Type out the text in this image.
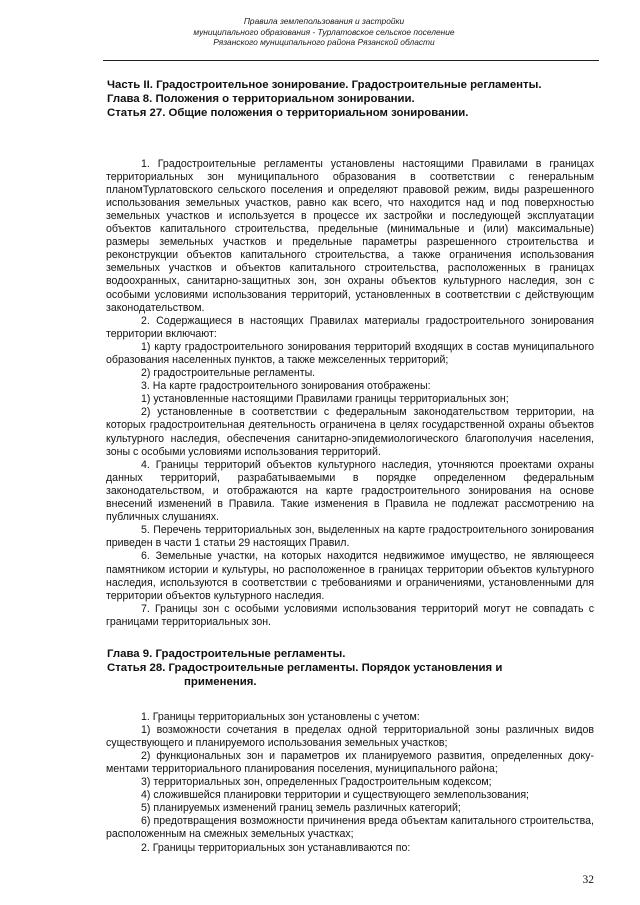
Правила землепользования и застройки
муниципального образования - Турлатовское сельское поселение
Рязанского муниципального района Рязанской области
Часть II. Градостроительное зонирование. Градостроительные регламенты.
Глава 8. Положения о территориальном зонировании.
Статья 27. Общие положения о территориальном зонировании.

1. Градостроительные регламенты установлены настоящими Правилами в границах территориальных зон муниципального образования в соответствии с генеральным планомТурлатовского сельского поселения и определяют правовой режим, виды разрешенного использования земельных участков, равно как всего, что находится над и под поверхностью земельных участков и используется в процессе их застройки и последующей эксплуатации объектов капитального строительства, предельные (минимальные и (или) максимальные) размеры земельных участков и предельные параметры разрешенного строительства и реконструкции объектов капитального строительства, а также ограничения использования земельных участков и объектов капитального строительства, расположенных в границах водоохранных, санитарно-защитных зон, зон охраны объектов культурного наследия, зон с особыми условиями использования территорий, установленных в соответствии с действующим законодательством.

2. Содержащиеся в настоящих Правилах материалы градостроительного зонирования территории включают:

1) карту градостроительного зонирования территорий входящих в состав муниципального образования населенных пунктов, а также межселенных территорий;

2) градостроительные регламенты.

3. На карте градостроительного зонирования отображены:

1) установленные настоящими Правилами границы территориальных зон;

2) установленные в соответствии с федеральным законодательством территории, на которых градостроительная деятельность ограничена в целях государственной охраны объектов культурного наследия, обеспечения санитарно-эпидемиологического благополучия населения, зоны с особыми условиями использования территорий.

4. Границы территорий объектов культурного наследия, уточняются проектами охраны данных территорий, разрабатываемыми в порядке определенном федеральным законодательством, и отображаются на карте градостроительного зонирования на основе внесений изменений в Правила. Такие изменения в Правила не подлежат рассмотрению на публичных слушаниях.

5. Перечень территориальных зон, выделенных на карте градостроительного зонирования приведен в части 1 статьи 29 настоящих Правил.

6. Земельные участки, на которых находится недвижимое имущество, не являющееся памятником истории и культуры, но расположенное в границах территории объектов культурного наследия, используются в соответствии с требованиями и ограничениями, установленными для территории объектов культурного наследия.

7. Границы зон с особыми условиями использования территорий могут не совпадать с границами территориальных зон.

Глава 9. Градостроительные регламенты.
Статья 28. Градостроительные регламенты. Порядок установления и
применения.

1. Границы территориальных зон установлены с учетом:

1) возможности сочетания в пределах одной территориальной зоны различных видов существующего и планируемого использования земельных участков;

2) функциональных зон и параметров их планируемого развития, определенных документами территориального планирования поселения, муниципального района;

3) территориальных зон, определенных Градостроительным кодексом;

4) сложившейся планировки территории и существующего землепользования;

5) планируемых изменений границ земель различных категорий;

6) предотвращения возможности причинения вреда объектам капитального строительства, расположенным на смежных земельных участках;

2. Границы территориальных зон устанавливаются по:

32
